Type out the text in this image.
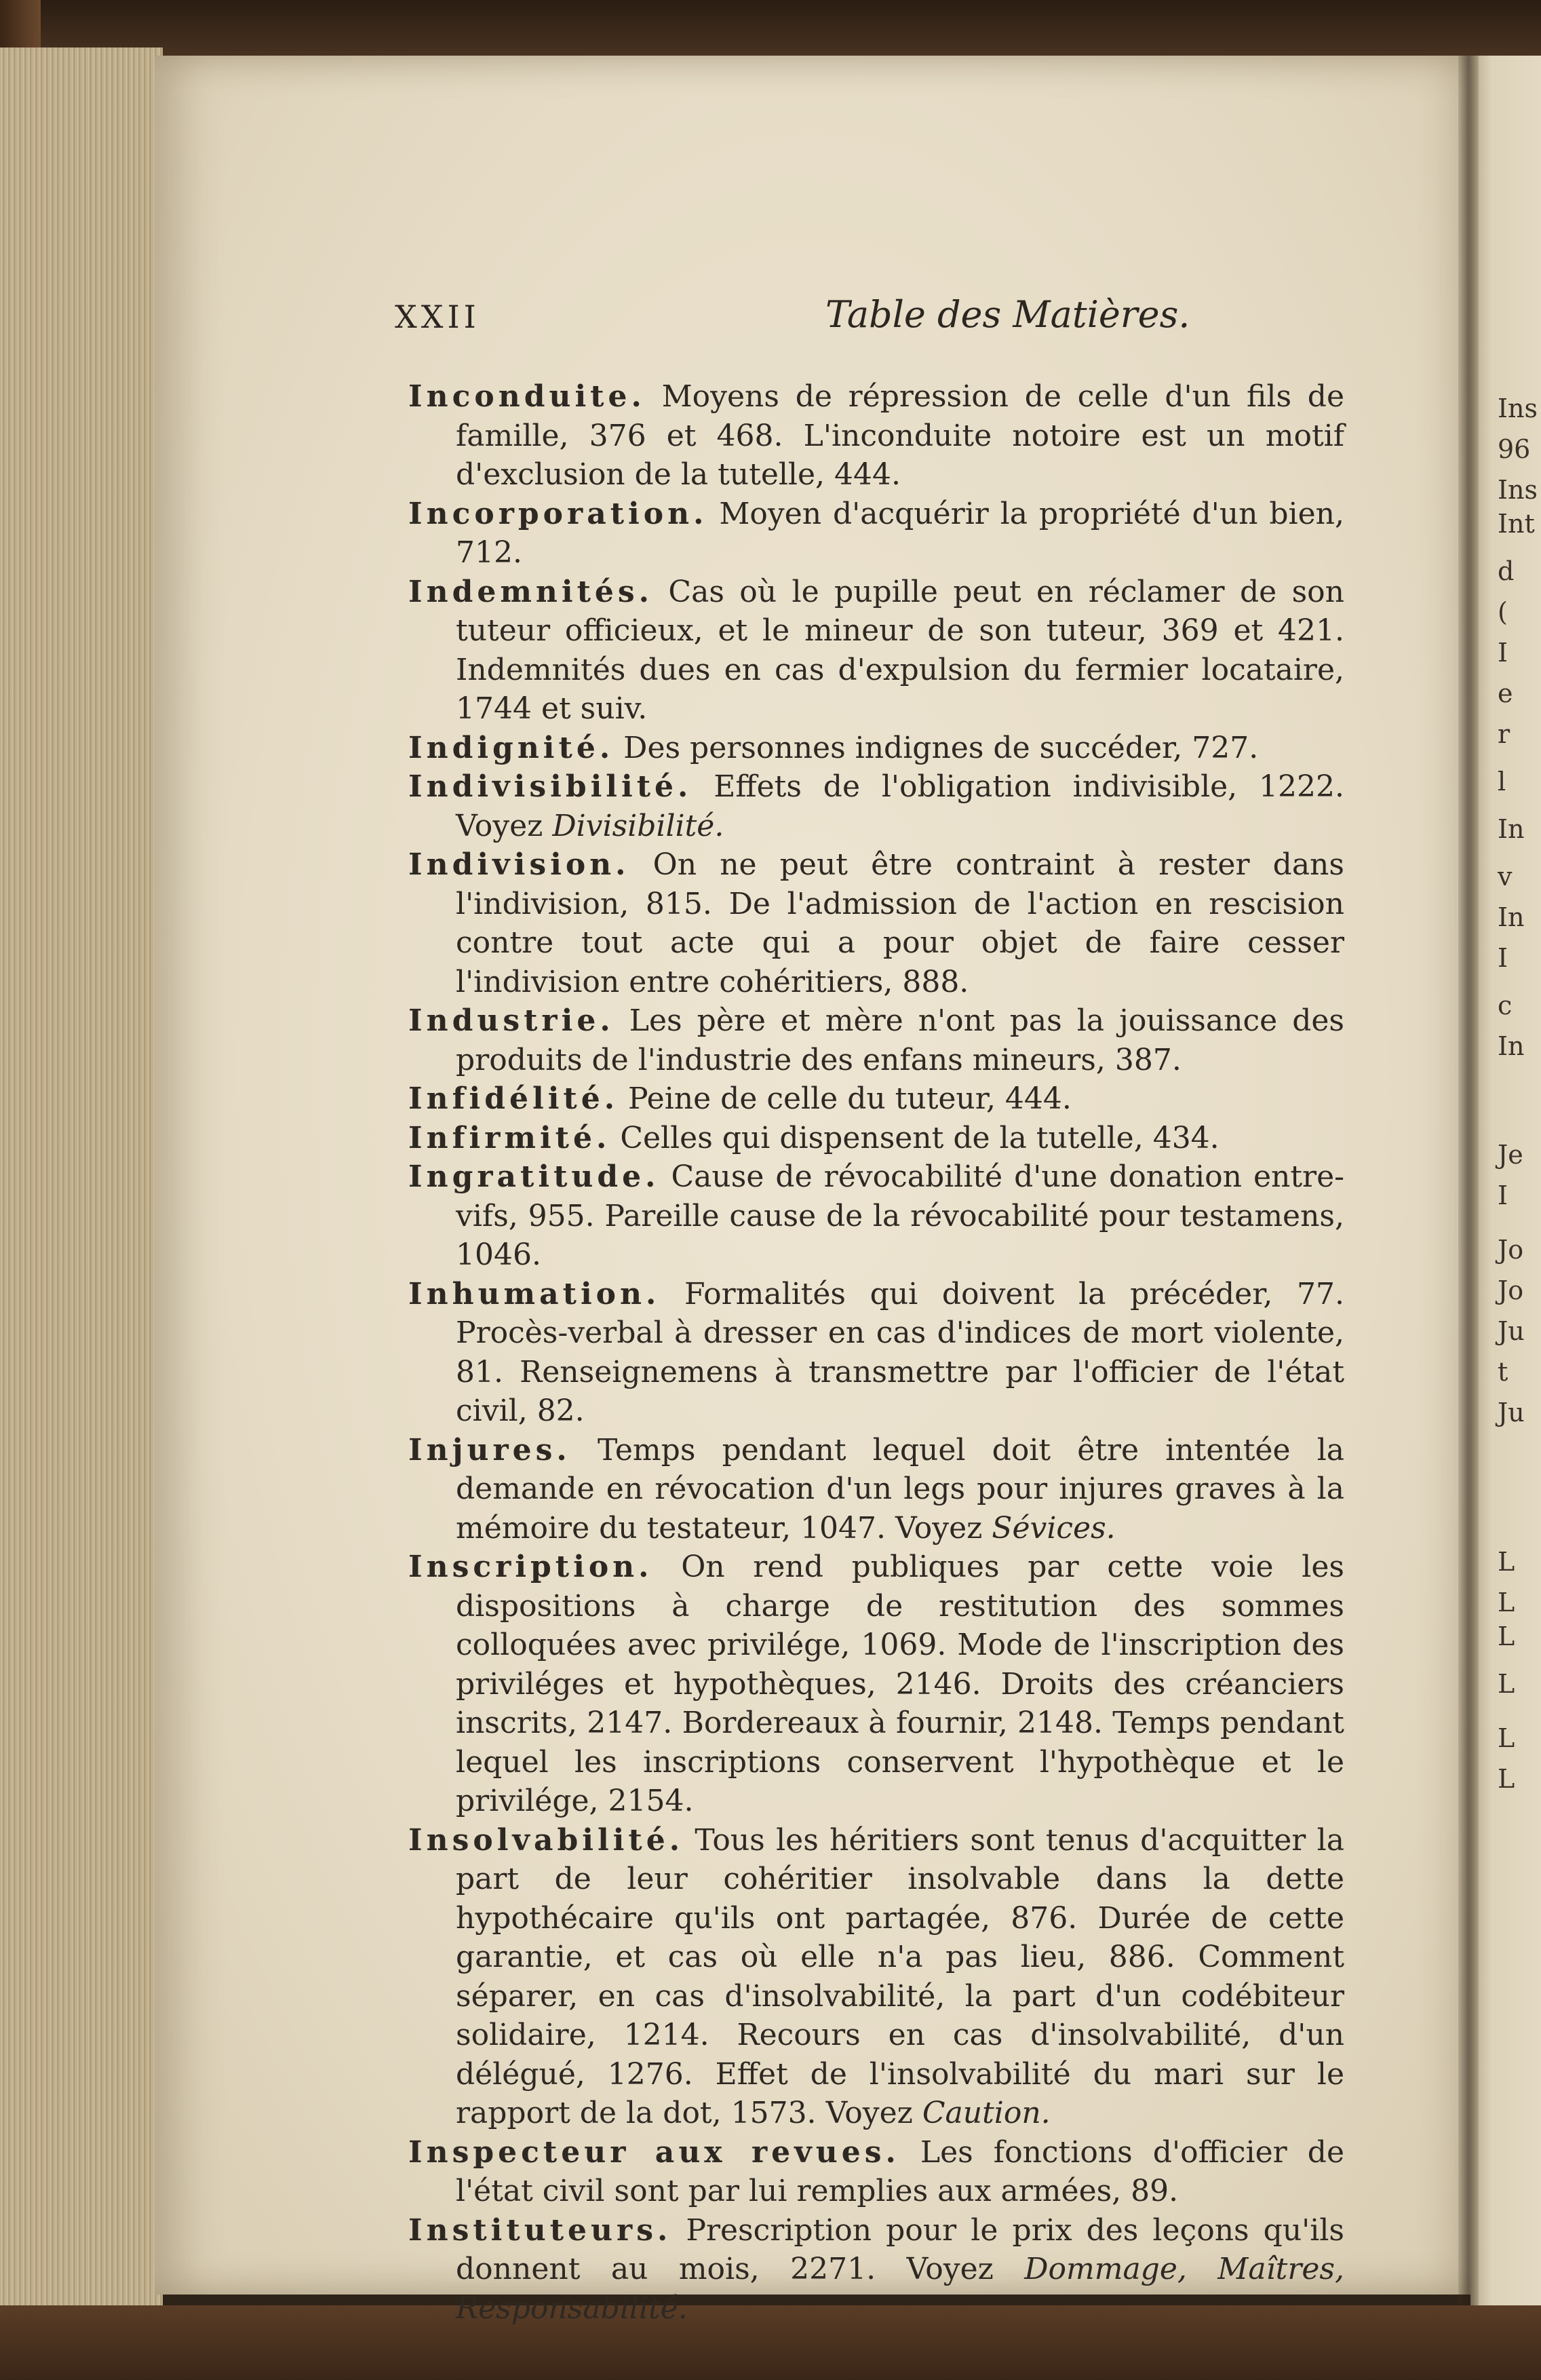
XXII	Table des Matières.

Inconduite. Moyens de répression de celle d'un fils de famille, 376 et 468. L'inconduite notoire est un motif d'exclusion de la tutelle, 444.

Incorporation. Moyen d'acquérir la propriété d'un bien, 712.

Indemnités. Cas où le pupille peut en réclamer de son tuteur officieux, et le mineur de son tuteur, 369 et 421. Indemnités dues en cas d'expulsion du fermier locataire, 1744 et suiv.

Indignité. Des personnes indignes de succéder, 727.

Indivisibilité. Effets de l'obligation indivisible, 1222. Voyez Divisibilité.

Indivision. On ne peut être contraint à rester dans l'indivision, 815. De l'admission de l'action en rescision contre tout acte qui a pour objet de faire cesser l'indivision entre cohéritiers, 888.

Industrie. Les père et mère n'ont pas la jouissance des produits de l'industrie des enfans mineurs, 387.

Infidélité. Peine de celle du tuteur, 444.

Infirmité. Celles qui dispensent de la tutelle, 434.

Ingratitude. Cause de révocabilité d'une donation entre-vifs, 955. Pareille cause de la révocabilité pour testamens, 1046.

Inhumation. Formalités qui doivent la précéder, 77. Procès-verbal à dresser en cas d'indices de mort violente, 81. Renseignemens à transmettre par l'officier de l'état civil, 82.

Injures. Temps pendant lequel doit être intentée la demande en révocation d'un legs pour injures graves à la mémoire du testateur, 1047. Voyez Sévices.

Inscription. On rend publiques par cette voie les dispositions à charge de restitution des sommes colloquées avec privilége, 1069. Mode de l'inscription des priviléges et hypothèques, 2146. Droits des créanciers inscrits, 2147. Bordereaux à fournir, 2148. Temps pendant lequel les inscriptions conservent l'hypothèque et le privilége, 2154.

Insolvabilité. Tous les héritiers sont tenus d'acquitter la part de leur cohéritier insolvable dans la dette hypothécaire qu'ils ont partagée, 876. Durée de cette garantie, et cas où elle n'a pas lieu, 886. Comment séparer, en cas d'insolvabilité, la part d'un codébiteur solidaire, 1214. Recours en cas d'insolvabilité, d'un délégué, 1276. Effet de l'insolvabilité du mari sur le rapport de la dot, 1573. Voyez Caution.

Inspecteur aux revues. Les fonctions d'officier de l'état civil sont par lui remplies aux armées, 89.

Instituteurs. Prescription pour le prix des leçons qu'ils donnent au mois, 2271. Voyez Dommage, Maîtres, Responsabilité.

Ins
96
Ins
Int
d
(
I
e
r
l
In
v
In
I
c
In
Je
I
Jo
Jo
Ju
t
Ju
L
L
L
L
L
L
